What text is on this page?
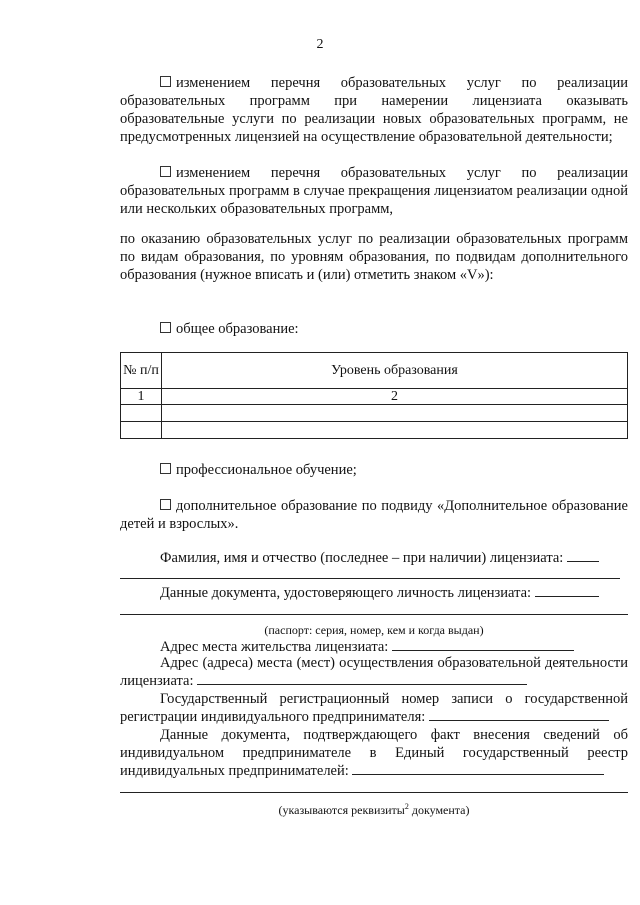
2
изменением перечня образовательных услуг по реализации
образовательных программ при намерении лицензиата оказывать образовательные услуги по реализации новых образовательных программ, не предусмотренных лицензией на осуществление образовательной деятельности;
изменением перечня образовательных услуг по реализации
образовательных программ в случае прекращения лицензиатом реализации одной или нескольких образовательных программ,
по оказанию образовательных услуг по реализации образовательных программ по видам образования, по уровням образования, по подвидам дополнительного образования (нужное вписать и (или) отметить знаком «V»):
общее образование:
№ п/п	Уровень образования
1	2

профессиональное обучение;
дополнительное образование по подвиду «Дополнительное образование детей и взрослых».
Фамилия, имя и отчество (последнее – при наличии) лицензиата:
Данные документа, удостоверяющего личность лицензиата:
(паспорт: серия, номер, кем и когда выдан)
Адрес места жительства лицензиата:
Адрес (адреса) места (мест) осуществления образовательной деятельности лицензиата:
Государственный регистрационный номер записи о государственной регистрации индивидуального предпринимателя:
Данные документа, подтверждающего факт внесения сведений об индивидуальном предпринимателе в Единый государственный реестр индивидуальных предпринимателей:
(указываются реквизиты$^2$ документа)
